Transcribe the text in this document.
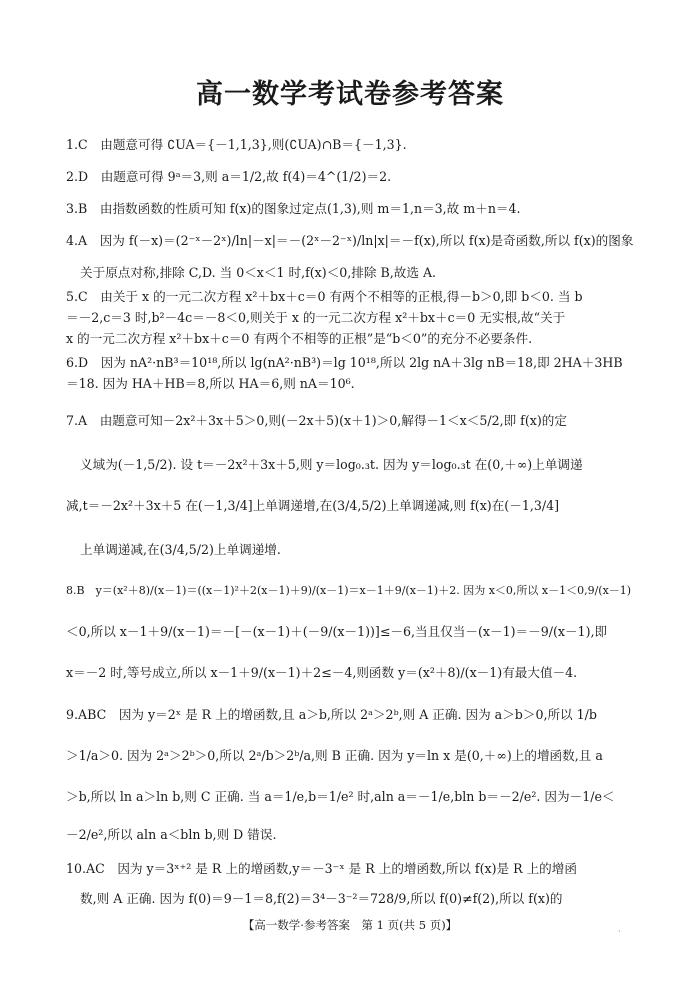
高一数学考试卷参考答案
1.C　由题意可得 ∁UA＝{－1,1,3},则(∁UA)∩B＝{－1,3}.
2.D　由题意可得 9ᵃ＝3,则 a＝1/2,故 f(4)＝4^(1/2)＝2.
3.B　由指数函数的性质可知 f(x)的图象过定点(1,3),则 m＝1,n＝3,故 m＋n＝4.
4.A　因为 f(－x)＝(2⁻ˣ－2ˣ)/ln|－x|＝－(2ˣ－2⁻ˣ)/ln|x|＝－f(x),所以 f(x)是奇函数,所以 f(x)的图象
关于原点对称,排除 C,D. 当 0＜x＜1 时,f(x)＜0,排除 B,故选 A.
5.C　由关于 x 的一元二次方程 x²＋bx＋c＝0 有两个不相等的正根,得－b＞0,即 b＜0. 当 b
＝－2,c＝3 时,b²－4c＝－8＜0,则关于 x 的一元二次方程 x²＋bx＋c＝0 无实根,故“关于
x 的一元二次方程 x²＋bx＋c＝0 有两个不相等的正根”是“b＜0”的充分不必要条件.
6.D　因为 nA²·nB³＝10¹⁸,所以 lg(nA²·nB³)＝lg 10¹⁸,所以 2lg nA＋3lg nB＝18,即 2HA＋3HB
＝18. 因为 HA＋HB＝8,所以 HA＝6,则 nA＝10⁶.
7.A　由题意可知－2x²＋3x＋5＞0,则(－2x＋5)(x＋1)＞0,解得－1＜x＜5/2,即 f(x)的定
义域为(－1,5/2). 设 t＝－2x²＋3x＋5,则 y＝log₀.₃t. 因为 y＝log₀.₃t 在(0,＋∞)上单调递
减,t＝－2x²＋3x＋5 在(－1,3/4]上单调递增,在(3/4,5/2)上单调递减,则 f(x)在(－1,3/4]
上单调递减,在(3/4,5/2)上单调递增.
8.B　y＝(x²＋8)/(x－1)＝((x－1)²＋2(x－1)＋9)/(x－1)＝x－1＋9/(x－1)＋2. 因为 x＜0,所以 x－1＜0,9/(x－1)
＜0,所以 x－1＋9/(x－1)＝－[－(x－1)＋(－9/(x－1))]≤－6,当且仅当－(x－1)＝－9/(x－1),即
x＝－2 时,等号成立,所以 x－1＋9/(x－1)＋2≤－4,则函数 y＝(x²＋8)/(x－1)有最大值－4.
9.ABC　因为 y＝2ˣ 是 R 上的增函数,且 a＞b,所以 2ᵃ＞2ᵇ,则 A 正确. 因为 a＞b＞0,所以 1/b
＞1/a＞0. 因为 2ᵃ＞2ᵇ＞0,所以 2ᵃ/b＞2ᵇ/a,则 B 正确. 因为 y＝ln x 是(0,＋∞)上的增函数,且 a
＞b,所以 ln a＞ln b,则 C 正确. 当 a＝1/e,b＝1/e² 时,aln a＝－1/e,bln b＝－2/e². 因为－1/e＜
－2/e²,所以 aln a＜bln b,则 D 错误.
10.AC　因为 y＝3ˣ⁺² 是 R 上的增函数,y＝－3⁻ˣ 是 R 上的增函数,所以 f(x)是 R 上的增函
数,则 A 正确. 因为 f(0)＝9－1＝8,f(2)＝3⁴－3⁻²＝728/9,所以 f(0)≠f(2),所以 f(x)的
【高一数学·参考答案　第 1 页(共 5 页)】	·
